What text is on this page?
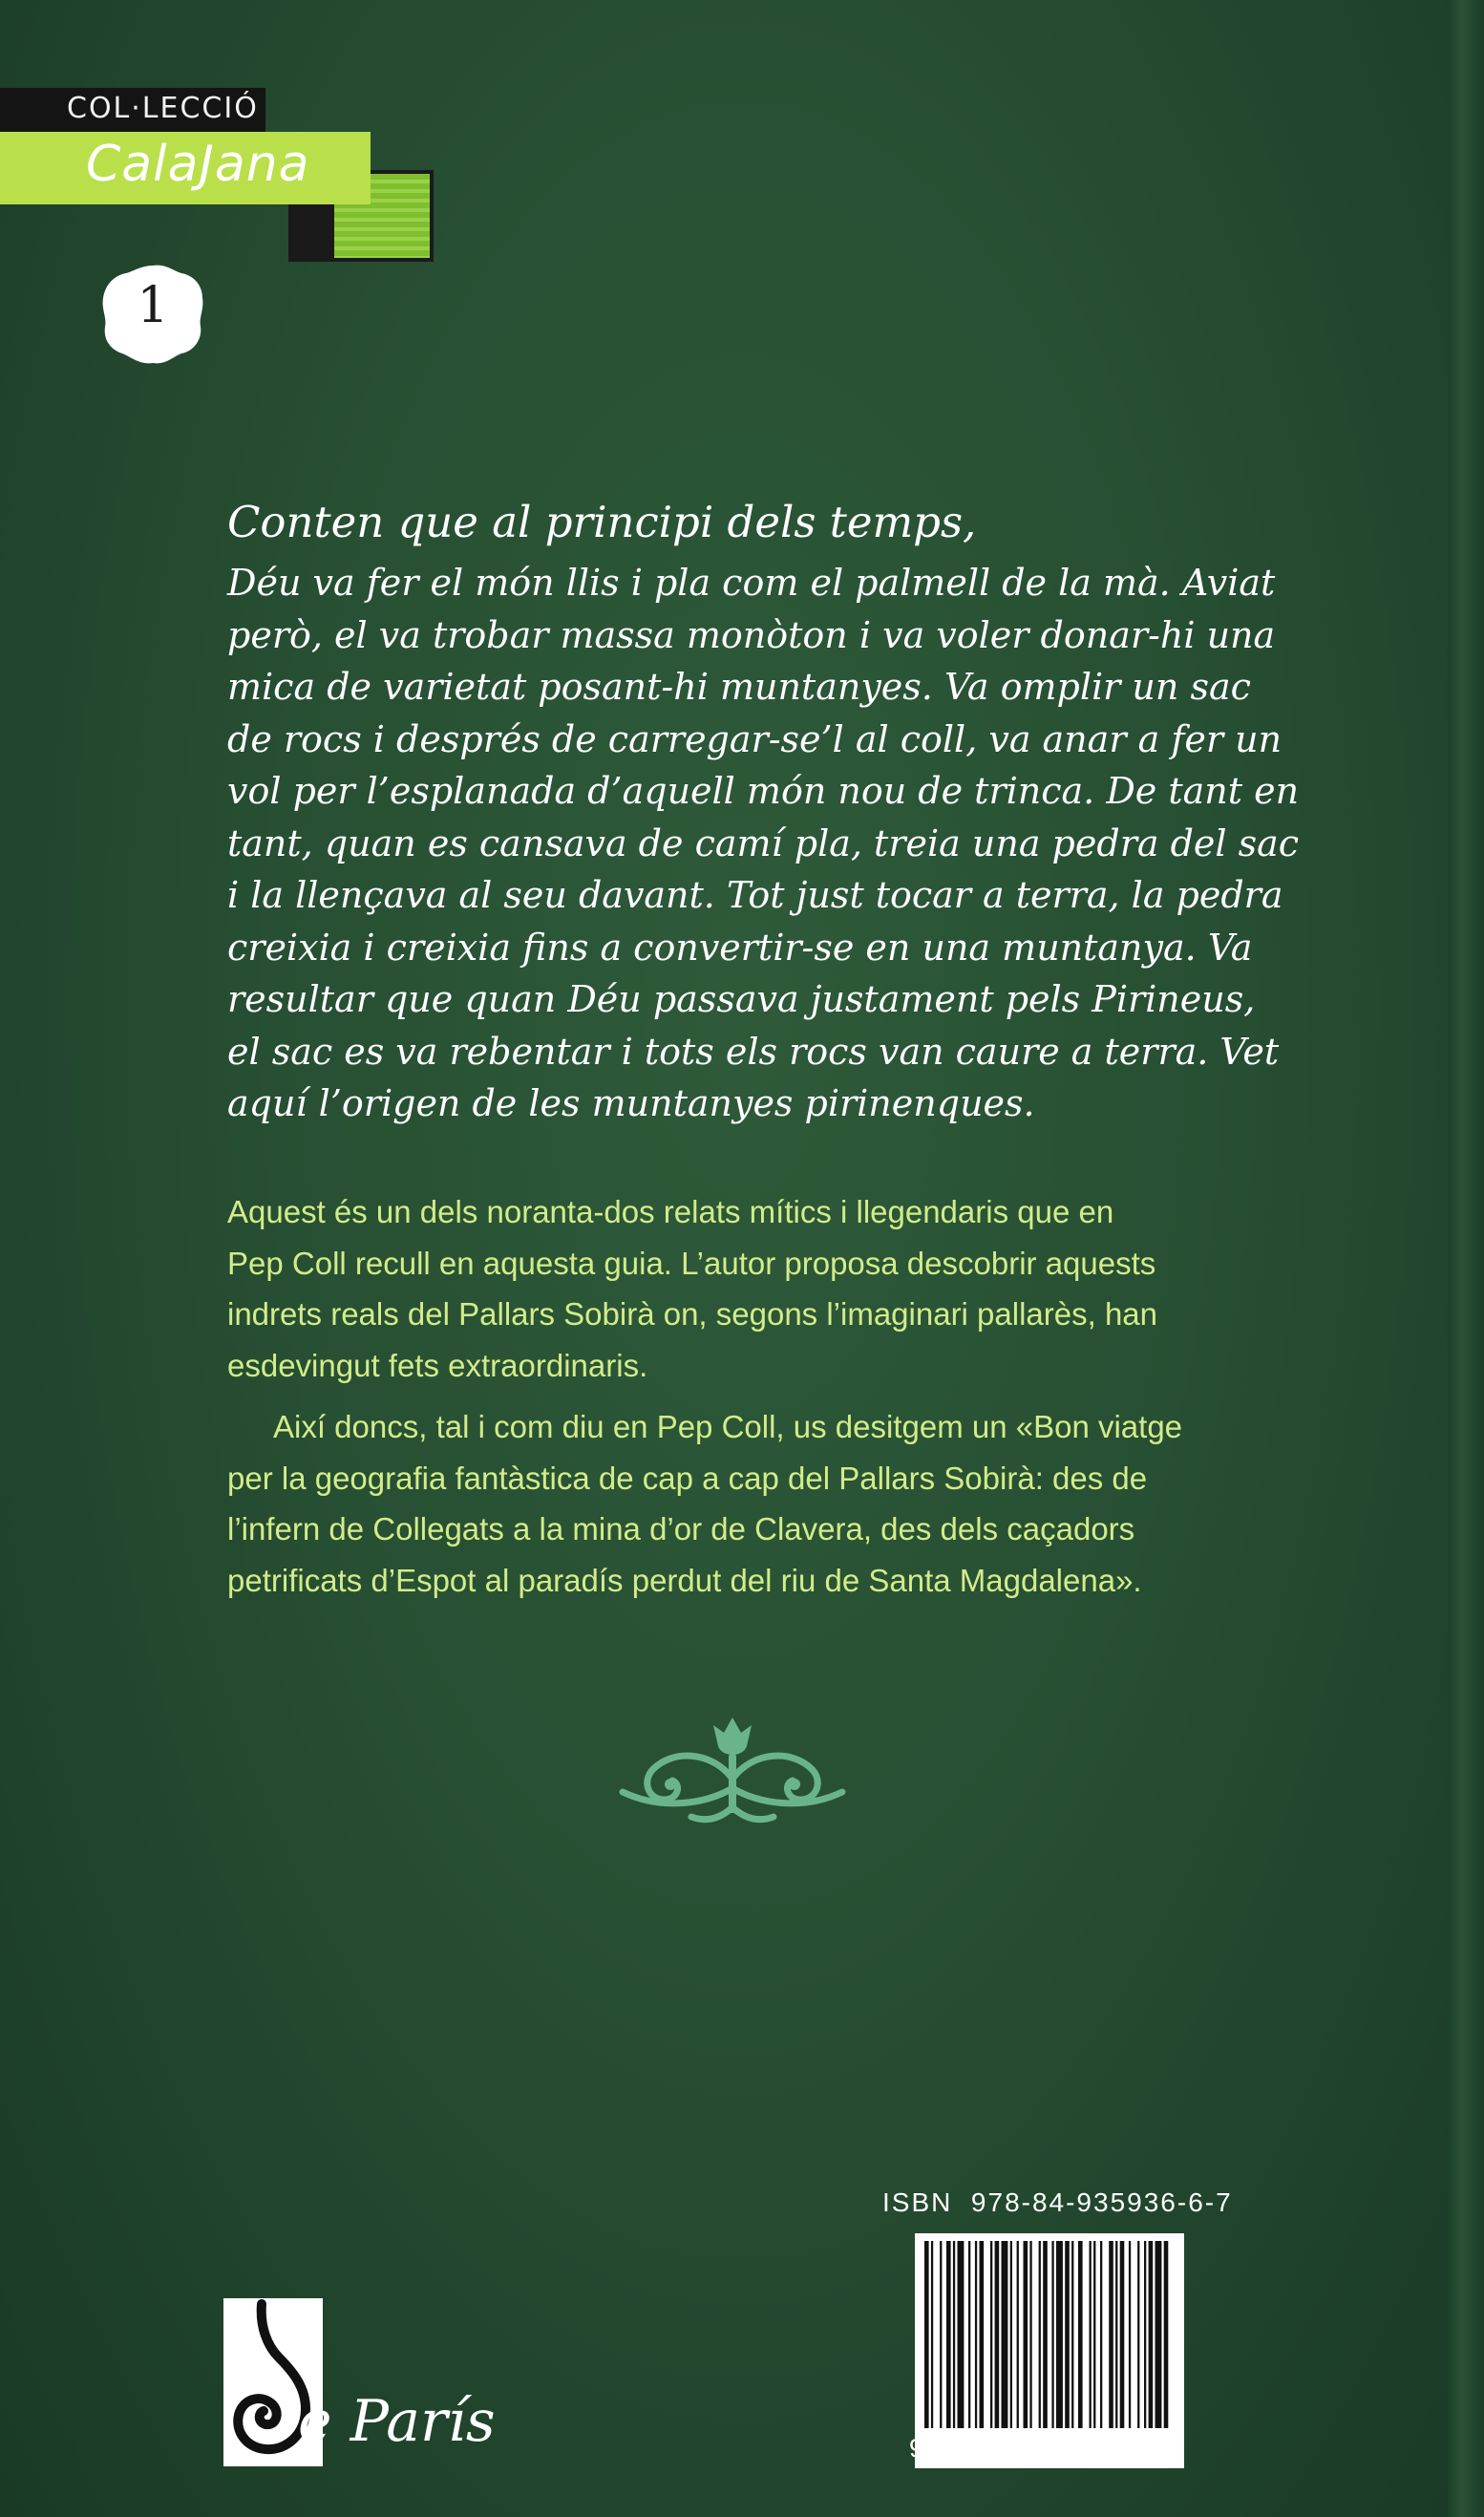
COL·LECCIÓ
CalaJana
1
Conten que al principi dels temps,
Déu va fer el món llis i pla com el palmell de la mà. Aviat
però, el va trobar massa monòton i va voler donar-hi una
mica de varietat posant-hi muntanyes. Va omplir un sac
de rocs i després de carregar-se’l al coll, va anar a fer un
vol per l’esplanada d’aquell món nou de trinca. De tant en
tant, quan es cansava de camí pla, treia una pedra del sac
i la llençava al seu davant. Tot just tocar a terra, la pedra
creixia i creixia fins a convertir-se en una muntanya. Va
resultar que quan Déu passava justament pels Pirineus,
el sac es va rebentar i tots els rocs van caure a terra. Vet
aquí l’origen de les muntanyes pirinenques.
Aquest és un dels noranta-dos relats mítics i llegendaris que en
Pep Coll recull en aquesta guia. L’autor proposa descobrir aquests
indrets reals del Pallars Sobirà on, segons l’imaginari pallarès, han
esdevingut fets extraordinaris.
Així doncs, tal i com diu en Pep Coll, us desitgem un «Bon viatge
per la geografia fantàstica de cap a cap del Pallars Sobirà: des de
l’infern de Collegats a la mina d’or de Clavera, des dels caçadors
petrificats d’Espot al paradís perdut del riu de Santa Magdalena».
ISBN 978-84-935936-6-7
9 788493 593667 >
e París
